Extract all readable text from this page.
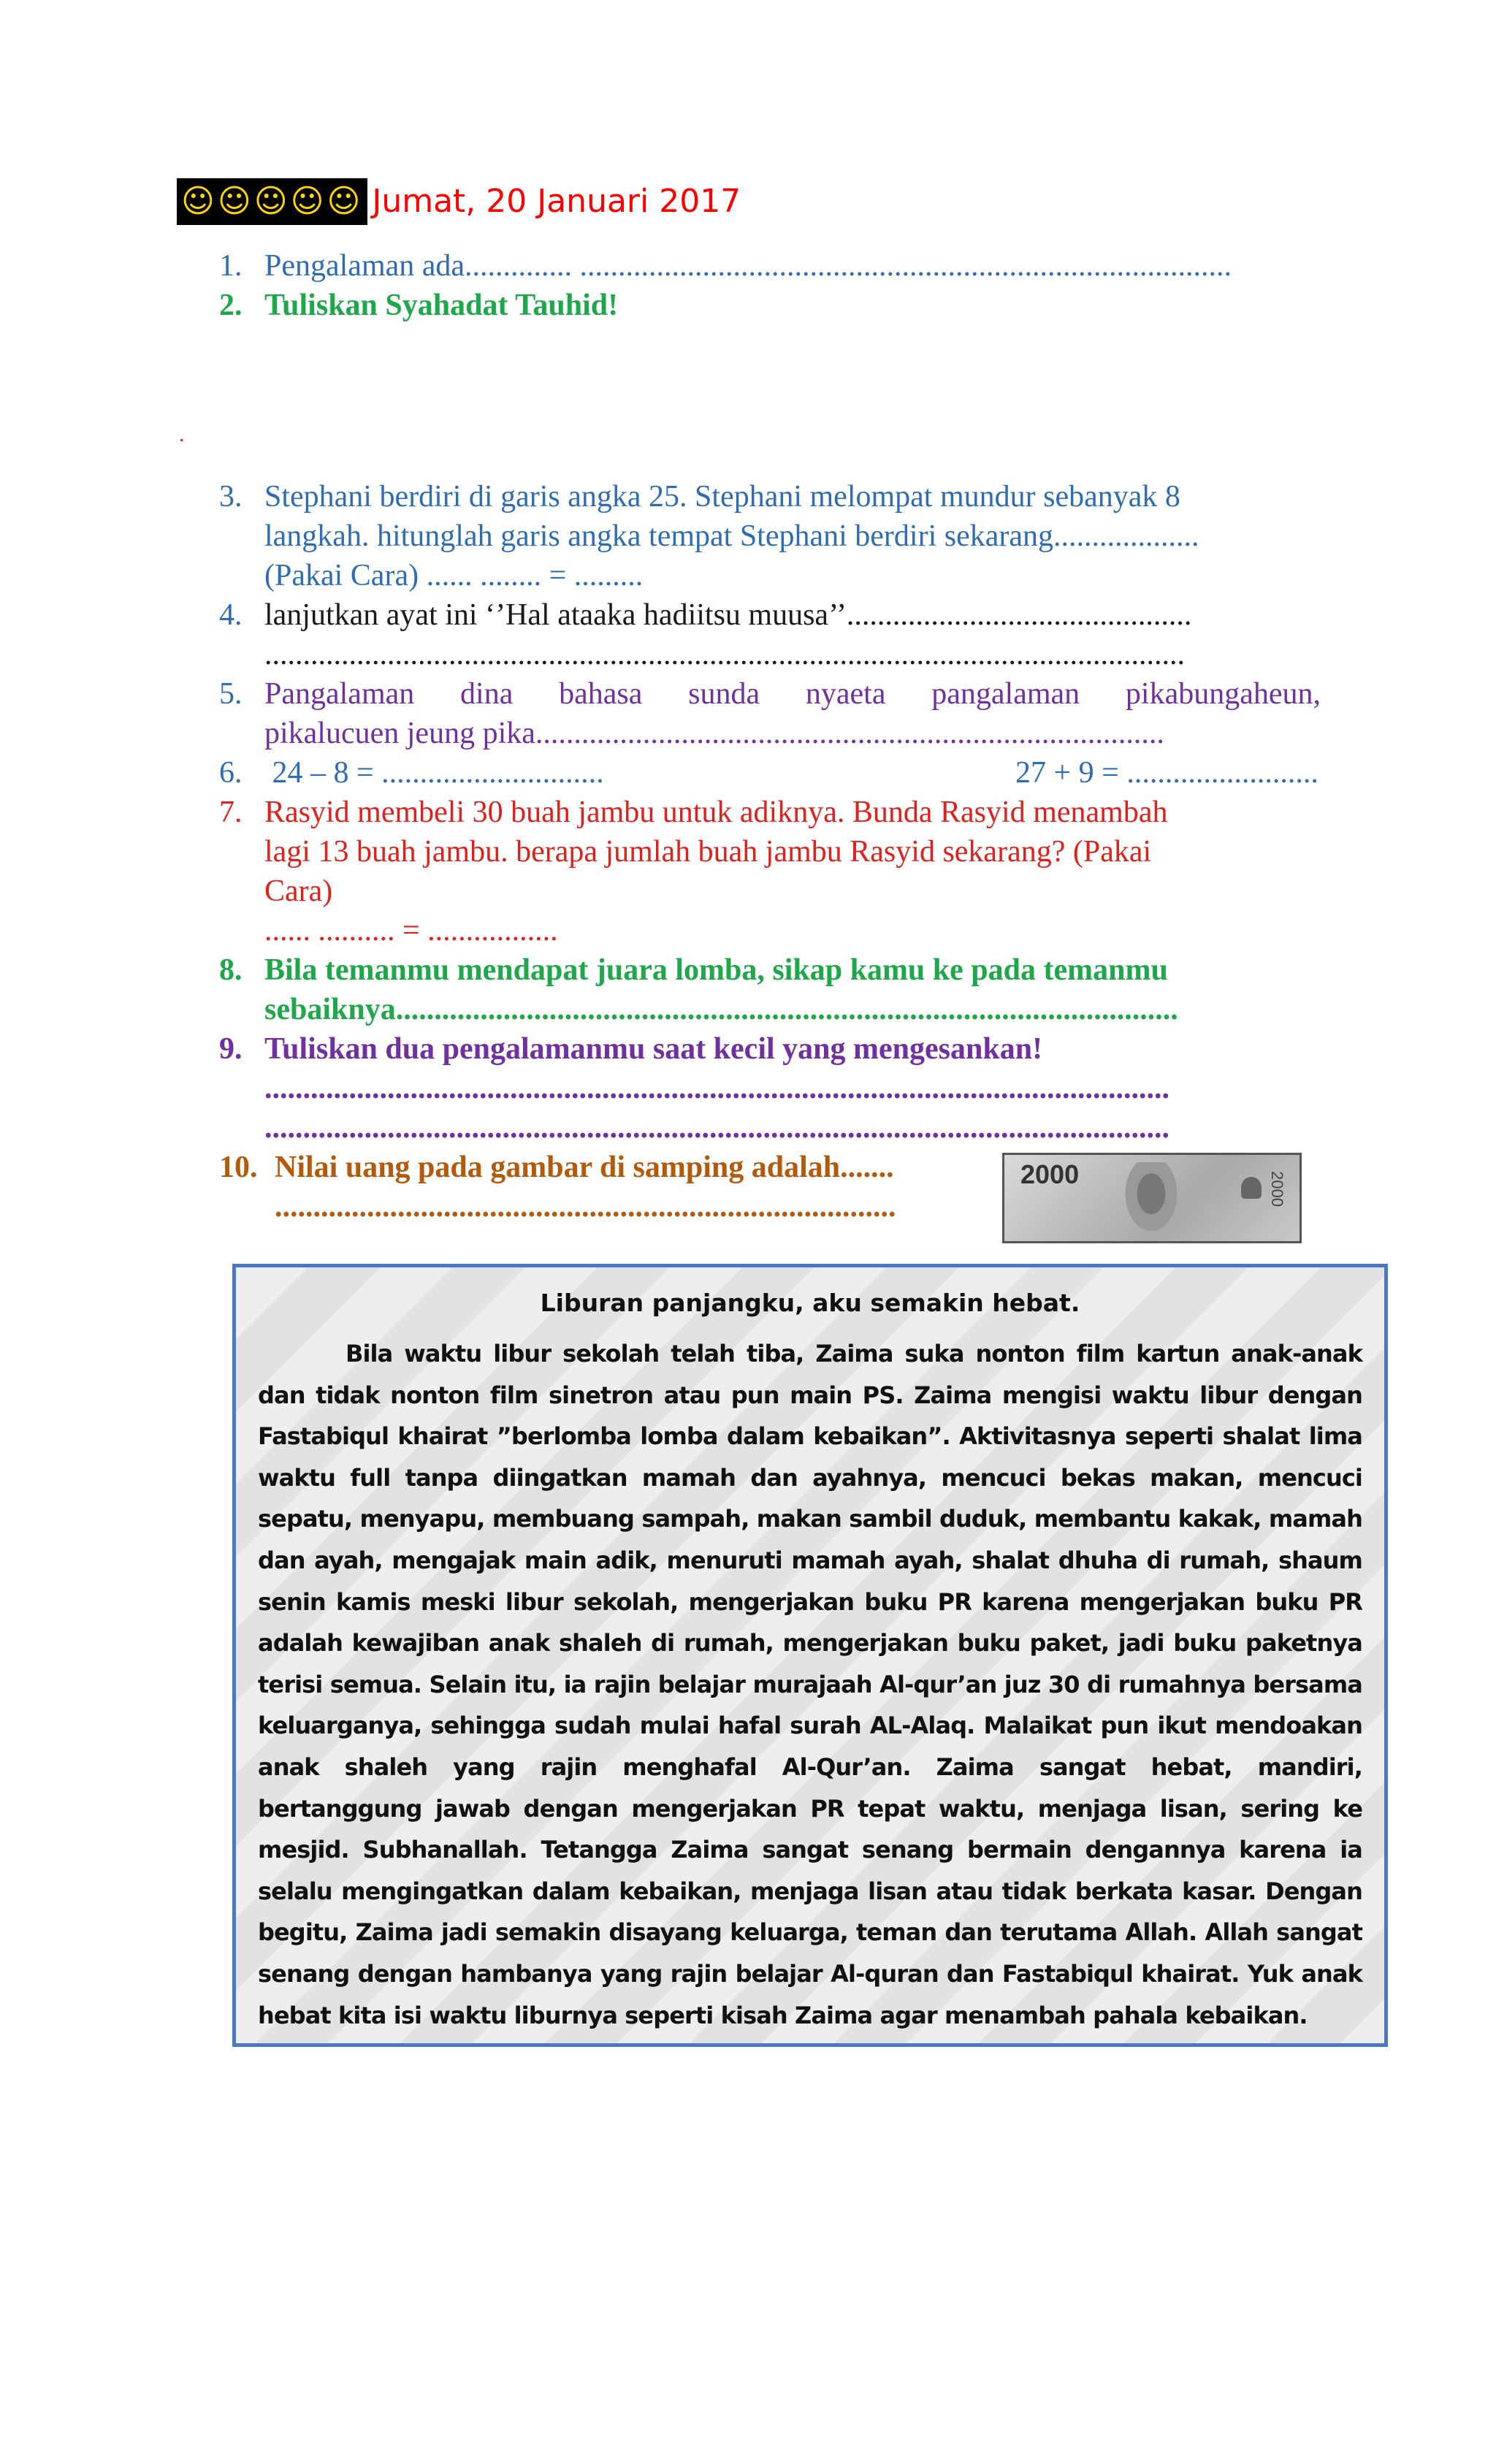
☺☺☺☺☺ Jumat, 20 Januari 2017
1. Pengalaman ada.............. .....................................................................................
2. Tuliskan Syahadat Tauhid!
.
3. Stephani berdiri di garis angka 25. Stephani melompat mundur sebanyak 8
langkah. hitunglah garis angka tempat Stephani berdiri sekarang...................
(Pakai Cara) ...... ........ = .........
4. lanjutkan ayat ini ‘’Hal ataaka hadiitsu muusa’’.............................................
........................................................................................................................
5. Pangalaman dina bahasa sunda nyaeta pangalaman pikabungaheun,
pikalucuen jeung pika..................................................................................
6. 24 – 8 = .............................	27 + 9 = .........................
7. Rasyid membeli 30 buah jambu untuk adiknya. Bunda Rasyid menambah
lagi 13 buah jambu. berapa jumlah buah jambu Rasyid sekarang? (Pakai
Cara)
...... .......... = .................
8. Bila temanmu mendapat juara lomba, sikap kamu ke pada temanmu
sebaiknya......................................................................................................
9. Tuliskan dua pengalamanmu saat kecil yang mengesankan!
......................................................................................................................
......................................................................................................................
10. Nilai uang pada gambar di samping adalah.......
.................................................................................
2000	2000
Liburan panjangku, aku semakin hebat.
Bila waktu libur sekolah telah tiba, Zaima suka nonton film kartun anak-anak dan tidak nonton film sinetron atau pun main PS. Zaima mengisi waktu libur dengan Fastabiqul khairat ”berlomba lomba dalam kebaikan”. Aktivitasnya seperti shalat lima waktu full tanpa diingatkan mamah dan ayahnya, mencuci bekas makan, mencuci sepatu, menyapu, membuang sampah, makan sambil duduk, membantu kakak, mamah dan ayah, mengajak main adik, menuruti mamah ayah, shalat dhuha di rumah, shaum senin kamis meski libur sekolah, mengerjakan buku PR karena mengerjakan buku PR adalah kewajiban anak shaleh di rumah, mengerjakan buku paket, jadi buku paketnya terisi semua. Selain itu, ia rajin belajar murajaah Al-qur’an juz 30 di rumahnya bersama keluarganya, sehingga sudah mulai hafal surah AL-Alaq. Malaikat pun ikut mendoakan anak shaleh yang rajin menghafal Al-Qur’an. Zaima sangat hebat, mandiri, bertanggung jawab dengan mengerjakan PR tepat waktu, menjaga lisan, sering ke mesjid. Subhanallah. Tetangga Zaima sangat senang bermain dengannya karena ia selalu mengingatkan dalam kebaikan, menjaga lisan atau tidak berkata kasar. Dengan begitu, Zaima jadi semakin disayang keluarga, teman dan terutama Allah. Allah sangat senang dengan hambanya yang rajin belajar Al-quran dan Fastabiqul khairat. Yuk anak hebat kita isi waktu liburnya seperti kisah Zaima agar menambah pahala kebaikan.
